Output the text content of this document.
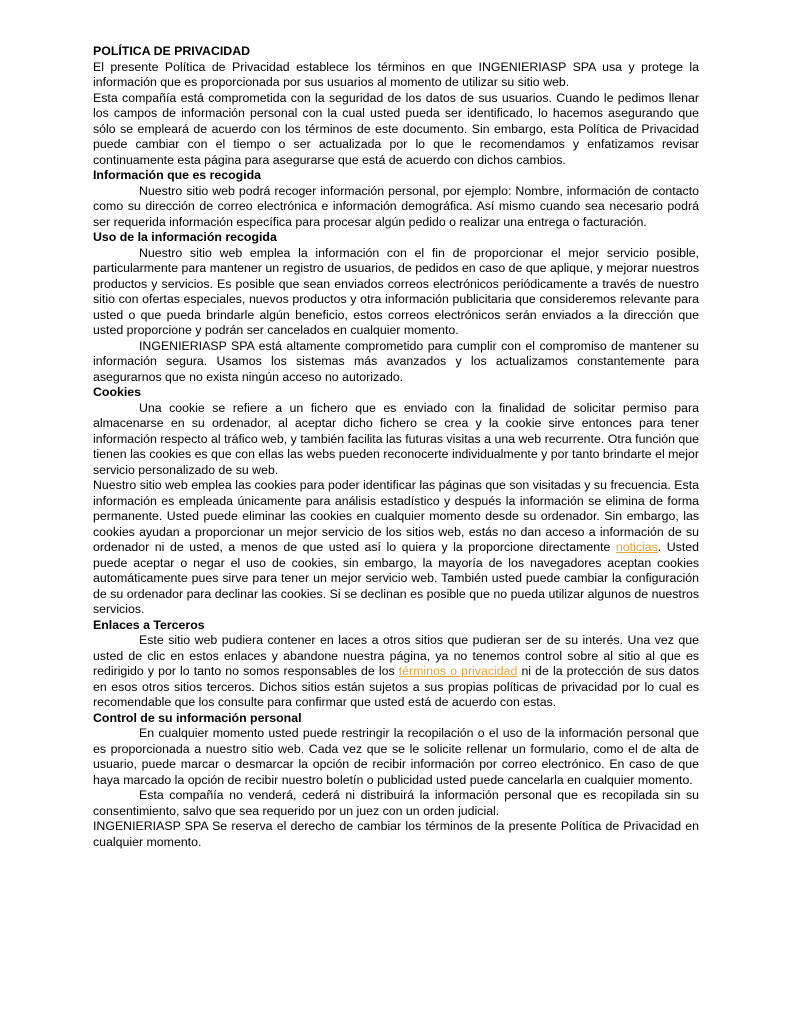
POLÍTICA DE PRIVACIDAD

El presente Política de Privacidad establece los términos en que INGENIERIASP SPA usa y protege la información que es proporcionada por sus usuarios al momento de utilizar su sitio web.

Esta compañía está comprometida con la seguridad de los datos de sus usuarios. Cuando le pedimos llenar los campos de información personal con la cual usted pueda ser identificado, lo hacemos asegurando que sólo se empleará de acuerdo con los términos de este documento. Sin embargo, esta Política de Privacidad puede cambiar con el tiempo o ser actualizada por lo que le recomendamos y enfatizamos revisar continuamente esta página para asegurarse que está de acuerdo con dichos cambios.

Información que es recogida

Nuestro sitio web podrá recoger información personal, por ejemplo: Nombre, información de contacto como su dirección de correo electrónica e información demográfica. Así mismo cuando sea necesario podrá ser requerida información específica para procesar algún pedido o realizar una entrega o facturación.

Uso de la información recogida

Nuestro sitio web emplea la información con el fin de proporcionar el mejor servicio posible, particularmente para mantener un registro de usuarios, de pedidos en caso de que aplique, y mejorar nuestros productos y servicios. Es posible que sean enviados correos electrónicos periódicamente a través de nuestro sitio con ofertas especiales, nuevos productos y otra información publicitaria que consideremos relevante para usted o que pueda brindarle algún beneficio, estos correos electrónicos serán enviados a la dirección que usted proporcione y podrán ser cancelados en cualquier momento.

INGENIERIASP SPA está altamente comprometido para cumplir con el compromiso de mantener su información segura. Usamos los sistemas más avanzados y los actualizamos constantemente para asegurarnos que no exista ningún acceso no autorizado.

Cookies

Una cookie se refiere a un fichero que es enviado con la finalidad de solicitar permiso para almacenarse en su ordenador, al aceptar dicho fichero se crea y la cookie sirve entonces para tener información respecto al tráfico web, y también facilita las futuras visitas a una web recurrente. Otra función que tienen las cookies es que con ellas las webs pueden reconocerte individualmente y por tanto brindarte el mejor servicio personalizado de su web.

Nuestro sitio web emplea las cookies para poder identificar las páginas que son visitadas y su frecuencia. Esta información es empleada únicamente para análisis estadístico y después la información se elimina de forma permanente. Usted puede eliminar las cookies en cualquier momento desde su ordenador. Sin embargo, las cookies ayudan a proporcionar un mejor servicio de los sitios web, estás no dan acceso a información de su ordenador ni de usted, a menos de que usted así lo quiera y la proporcione directamente noticias. Usted puede aceptar o negar el uso de cookies, sin embargo, la mayoría de los navegadores aceptan cookies automáticamente pues sirve para tener un mejor servicio web. También usted puede cambiar la configuración de su ordenador para declinar las cookies. Si se declinan es posible que no pueda utilizar algunos de nuestros servicios.

Enlaces a Terceros

Este sitio web pudiera contener en laces a otros sitios que pudieran ser de su interés. Una vez que usted de clic en estos enlaces y abandone nuestra página, ya no tenemos control sobre al sitio al que es redirigido y por lo tanto no somos responsables de los términos o privacidad ni de la protección de sus datos en esos otros sitios terceros. Dichos sitios están sujetos a sus propias políticas de privacidad por lo cual es recomendable que los consulte para confirmar que usted está de acuerdo con estas.

Control de su información personal

En cualquier momento usted puede restringir la recopilación o el uso de la información personal que es proporcionada a nuestro sitio web. Cada vez que se le solicite rellenar un formulario, como el de alta de usuario, puede marcar o desmarcar la opción de recibir información por correo electrónico. En caso de que haya marcado la opción de recibir nuestro boletín o publicidad usted puede cancelarla en cualquier momento.

Esta compañía no venderá, cederá ni distribuirá la información personal que es recopilada sin su consentimiento, salvo que sea requerido por un juez con un orden judicial.

INGENIERIASP SPA Se reserva el derecho de cambiar los términos de la presente Política de Privacidad en cualquier momento.
